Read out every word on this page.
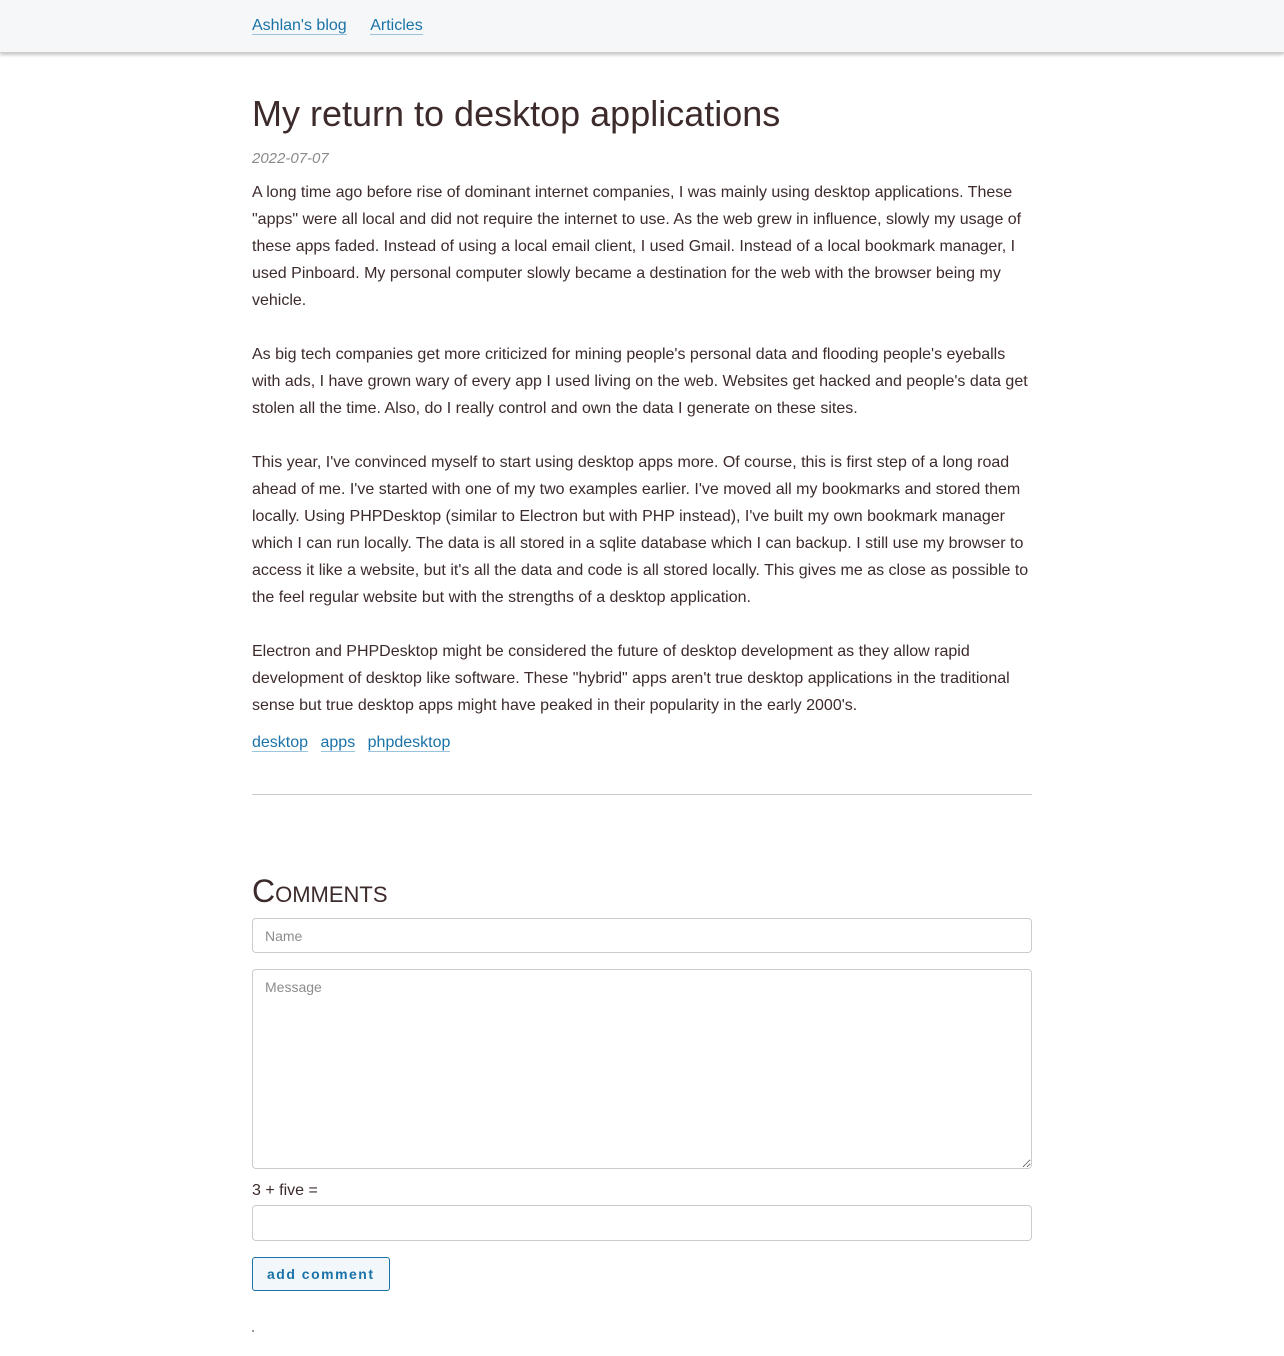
Ashlan's blog Articles
My return to desktop applications
2022-07-07

A long time ago before rise of dominant internet companies, I was mainly using desktop applications. These "apps" were all local and did not require the internet to use. As the web grew in influence, slowly my usage of these apps faded. Instead of using a local email client, I used Gmail. Instead of a local bookmark manager, I used Pinboard. My personal computer slowly became a destination for the web with the browser being my vehicle.

As big tech companies get more criticized for mining people's personal data and flooding people's eyeballs with ads, I have grown wary of every app I used living on the web. Websites get hacked and people's data get stolen all the time. Also, do I really control and own the data I generate on these sites.

This year, I've convinced myself to start using desktop apps more. Of course, this is first step of a long road ahead of me. I've started with one of my two examples earlier. I've moved all my bookmarks and stored them locally. Using PHPDesktop (similar to Electron but with PHP instead), I've built my own bookmark manager which I can run locally. The data is all stored in a sqlite database which I can backup. I still use my browser to access it like a website, but it's all the data and code is all stored locally. This gives me as close as possible to the feel regular website but with the strengths of a desktop application.

Electron and PHPDesktop might be considered the future of desktop development as they allow rapid development of desktop like software. These "hybrid" apps aren't true desktop applications in the traditional sense but true desktop apps might have peaked in their popularity in the early 2000's.

desktop apps phpdesktop
Comments
Name
Message
3 + five =
add comment
